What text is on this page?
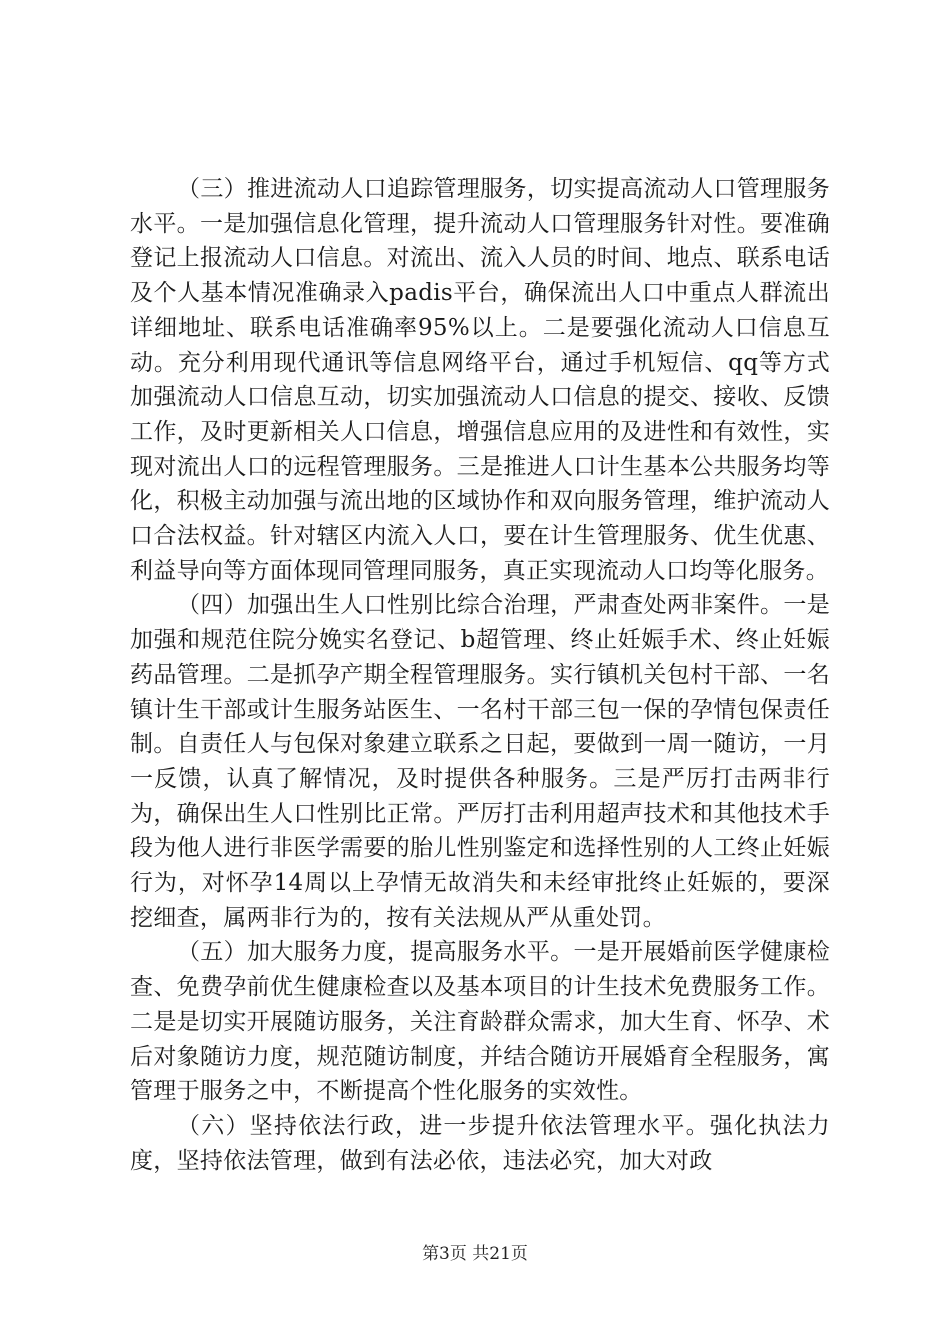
（三）推进流动人口追踪管理服务，切实提高流动人口管理服务水平。一是加强信息化管理，提升流动人口管理服务针对性。要准确登记上报流动人口信息。对流出、流入人员的时间、地点、联系电话及个人基本情况准确录入padis平台，确保流出人口中重点人群流出详细地址、联系电话准确率95%以上。二是要强化流动人口信息互动。充分利用现代通讯等信息网络平台，通过手机短信、qq等方式加强流动人口信息互动，切实加强流动人口信息的提交、接收、反馈工作，及时更新相关人口信息，增强信息应用的及进性和有效性，实现对流出人口的远程管理服务。三是推进人口计生基本公共服务均等化，积极主动加强与流出地的区域协作和双向服务管理，维护流动人口合法权益。针对辖区内流入人口，要在计生管理服务、优生优惠、利益导向等方面体现同管理同服务，真正实现流动人口均等化服务。

（四）加强出生人口性别比综合治理，严肃查处两非案件。一是加强和规范住院分娩实名登记、b超管理、终止妊娠手术、终止妊娠药品管理。二是抓孕产期全程管理服务。实行镇机关包村干部、一名镇计生干部或计生服务站医生、一名村干部三包一保的孕情包保责任制。自责任人与包保对象建立联系之日起，要做到一周一随访，一月一反馈，认真了解情况，及时提供各种服务。三是严厉打击两非行为，确保出生人口性别比正常。严厉打击利用超声技术和其他技术手段为他人进行非医学需要的胎儿性别鉴定和选择性别的人工终止妊娠行为，对怀孕14周以上孕情无故消失和未经审批终止妊娠的，要深挖细查，属两非行为的，按有关法规从严从重处罚。

（五）加大服务力度，提高服务水平。一是开展婚前医学健康检查、免费孕前优生健康检查以及基本项目的计生技术免费服务工作。二是是切实开展随访服务，关注育龄群众需求，加大生育、怀孕、术后对象随访力度，规范随访制度，并结合随访开展婚育全程服务，寓管理于服务之中，不断提高个性化服务的实效性。

（六）坚持依法行政，进一步提升依法管理水平。强化执法力度，坚持依法管理，做到有法必依，违法必究，加大对政

第3页 共21页
